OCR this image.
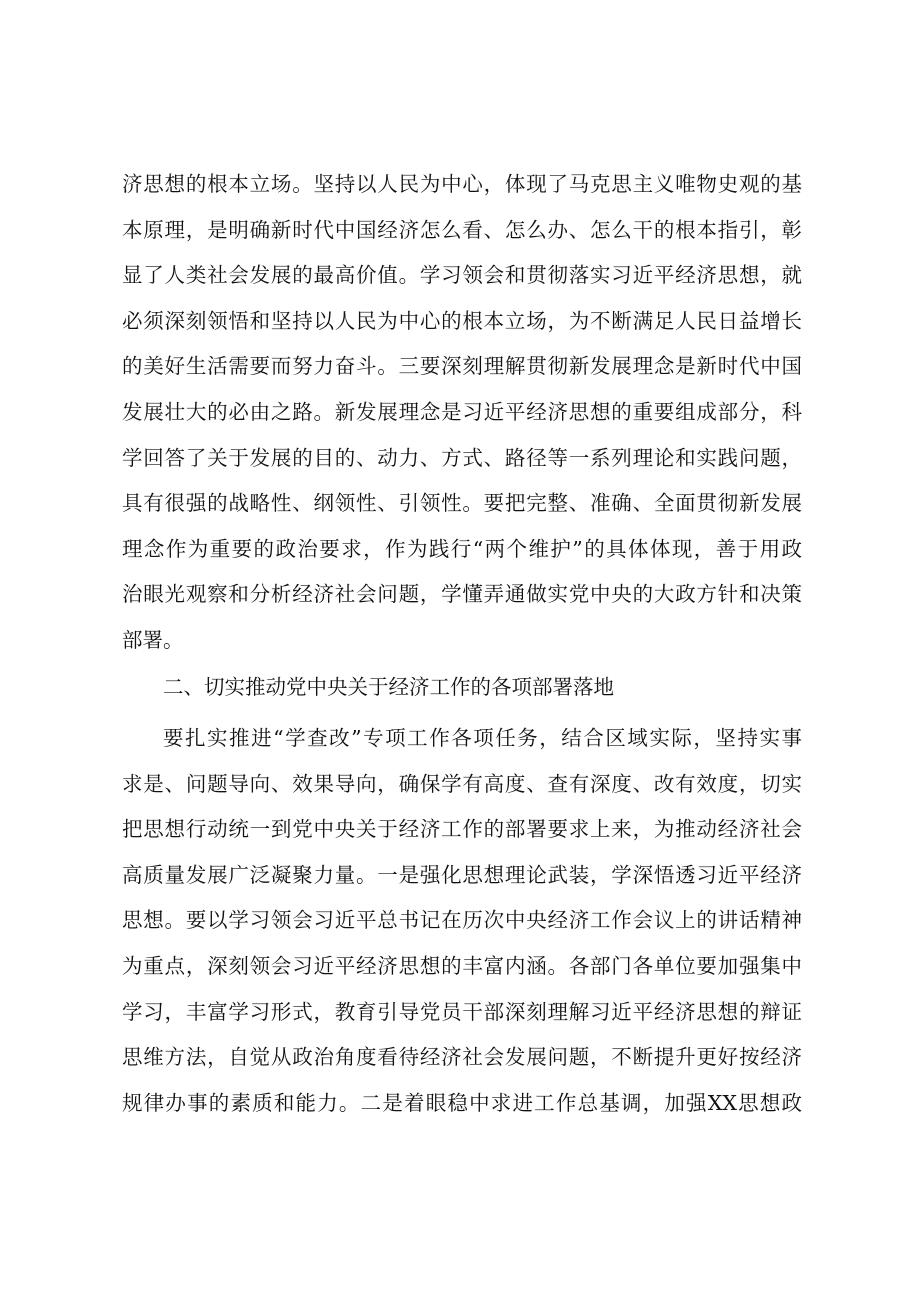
济思想的根本立场。坚持以人民为中心，体现了马克思主义唯物史观的基
本原理，是明确新时代中国经济怎么看、怎么办、怎么干的根本指引，彰
显了人类社会发展的最高价值。学习领会和贯彻落实习近平经济思想，就
必须深刻领悟和坚持以人民为中心的根本立场，为不断满足人民日益增长
的美好生活需要而努力奋斗。三要深刻理解贯彻新发展理念是新时代中国
发展壮大的必由之路。新发展理念是习近平经济思想的重要组成部分，科
学回答了关于发展的目的、动力、方式、路径等一系列理论和实践问题，
具有很强的战略性、纲领性、引领性。要把完整、准确、全面贯彻新发展
理念作为重要的政治要求，作为践行“两个维护”的具体体现，善于用政
治眼光观察和分析经济社会问题，学懂弄通做实党中央的大政方针和决策
部署。
二、切实推动党中央关于经济工作的各项部署落地
要扎实推进“学查改”专项工作各项任务，结合区域实际，坚持实事
求是、问题导向、效果导向，确保学有高度、查有深度、改有效度，切实
把思想行动统一到党中央关于经济工作的部署要求上来，为推动经济社会
高质量发展广泛凝聚力量。一是强化思想理论武装，学深悟透习近平经济
思想。要以学习领会习近平总书记在历次中央经济工作会议上的讲话精神
为重点，深刻领会习近平经济思想的丰富内涵。各部门各单位要加强集中
学习，丰富学习形式，教育引导党员干部深刻理解习近平经济思想的辩证
思维方法，自觉从政治角度看待经济社会发展问题，不断提升更好按经济
规律办事的素质和能力。二是着眼稳中求进工作总基调，加强XX思想政
